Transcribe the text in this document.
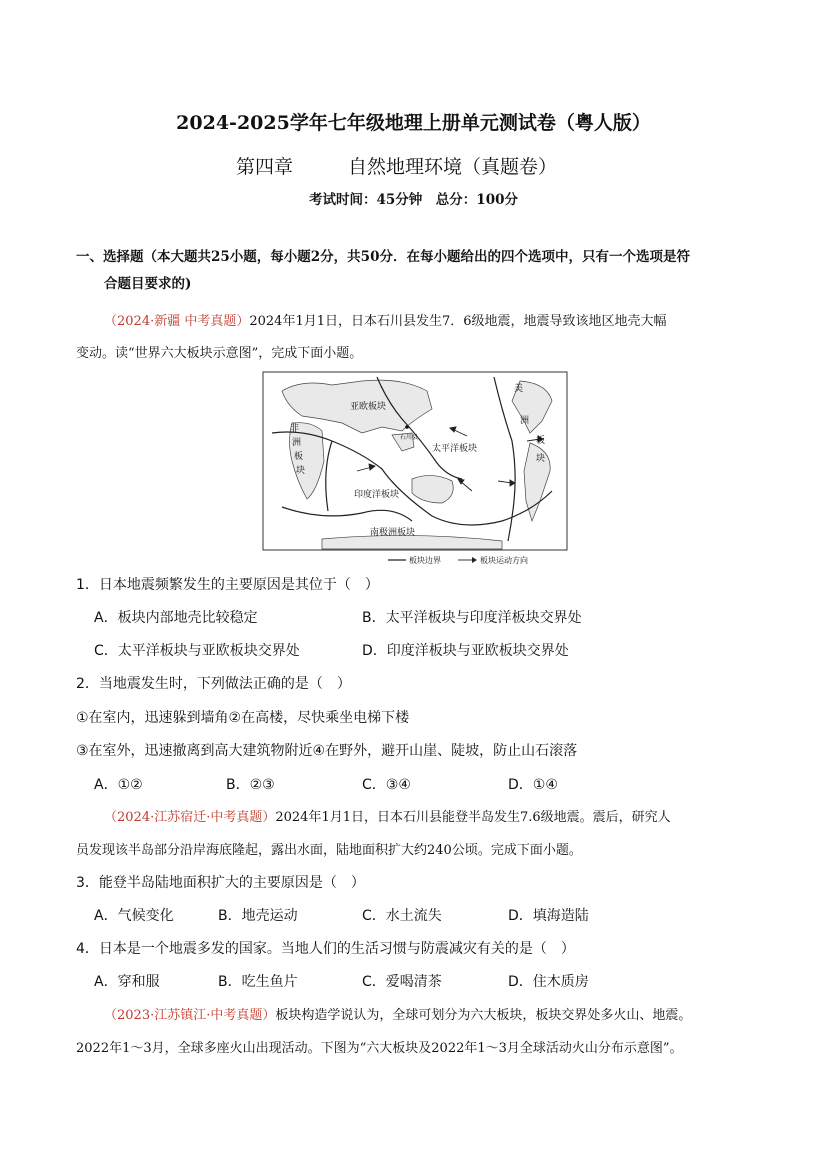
2024-2025学年七年级地理上册单元测试卷（粤人版）
第四章	自然地理环境（真题卷）
考试时间：45分钟　总分：100分
一、选择题（本大题共25小题，每小题2分，共50分．在每小题给出的四个选项中，只有一个选项是符
合题目要求的)
（2024·新疆 中考真题）2024年1月1日，日本石川县发生7．6级地震，地震导致该地区地壳大幅
变动。读“世界六大板块示意图”，完成下面小题。
亚欧板块
非
洲
板
块
太平洋板块
美
洲
板
块
印度洋板块
南极洲板块
石川县
板块边界	板块运动方向
1．日本地震频繁发生的主要原因是其位于（　）
A．板块内部地壳比较稳定	B．太平洋板块与印度洋板块交界处
C．太平洋板块与亚欧板块交界处	D．印度洋板块与亚欧板块交界处
2．当地震发生时，下列做法正确的是（　）
①在室内，迅速躲到墙角②在高楼，尽快乘坐电梯下楼
③在室外，迅速撤离到高大建筑物附近④在野外，避开山崖、陡坡，防止山石滚落
A．①②	B．②③	C．③④	D．①④
（2024·江苏宿迁·中考真题）2024年1月1日，日本石川县能登半岛发生7.6级地震。震后，研究人
员发现该半岛部分沿岸海底隆起，露出水面，陆地面积扩大约240公顷。完成下面小题。
3．能登半岛陆地面积扩大的主要原因是（　）
A．气候变化	B．地壳运动	C．水土流失	D．填海造陆
4．日本是一个地震多发的国家。当地人们的生活习惯与防震减灾有关的是（　）
A．穿和服	B．吃生鱼片	C．爱喝清茶	D．住木质房
（2023·江苏镇江·中考真题）板块构造学说认为，全球可划分为六大板块，板块交界处多火山、地震。
2022年1～3月，全球多座火山出现活动。下图为“六大板块及2022年1～3月全球活动火山分布示意图”。
